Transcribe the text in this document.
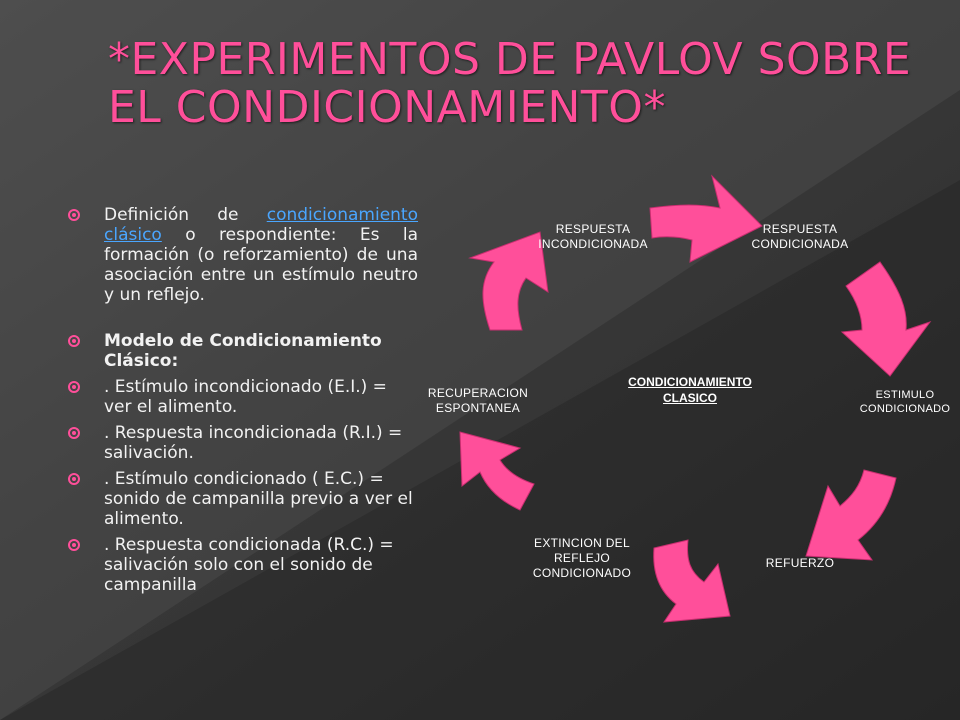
*EXPERIMENTOS DE PAVLOV SOBRE EL CONDICIONAMIENTO*
Definición de condicionamiento clásico o respondiente: Es la formación (o reforzamiento) de una asociación entre un estímulo neutro y un reflejo.
Modelo de Condicionamiento Clásico:
. Estímulo incondicionado (E.I.) = ver el alimento.
. Respuesta incondicionada (R.I.) = salivación.
. Estímulo condicionado ( E.C.) = sonido de campanilla previo a ver el alimento.
. Respuesta condicionada (R.C.) = salivación solo con el sonido de campanilla
RESPUESTA INCONDICIONADA
RESPUESTA CONDICIONADA
ESTIMULO CONDICIONADO
REFUERZO
EXTINCION DEL REFLEJO CONDICIONADO
RECUPERACION ESPONTANEA
CONDICIONAMIENTO CLASICO
